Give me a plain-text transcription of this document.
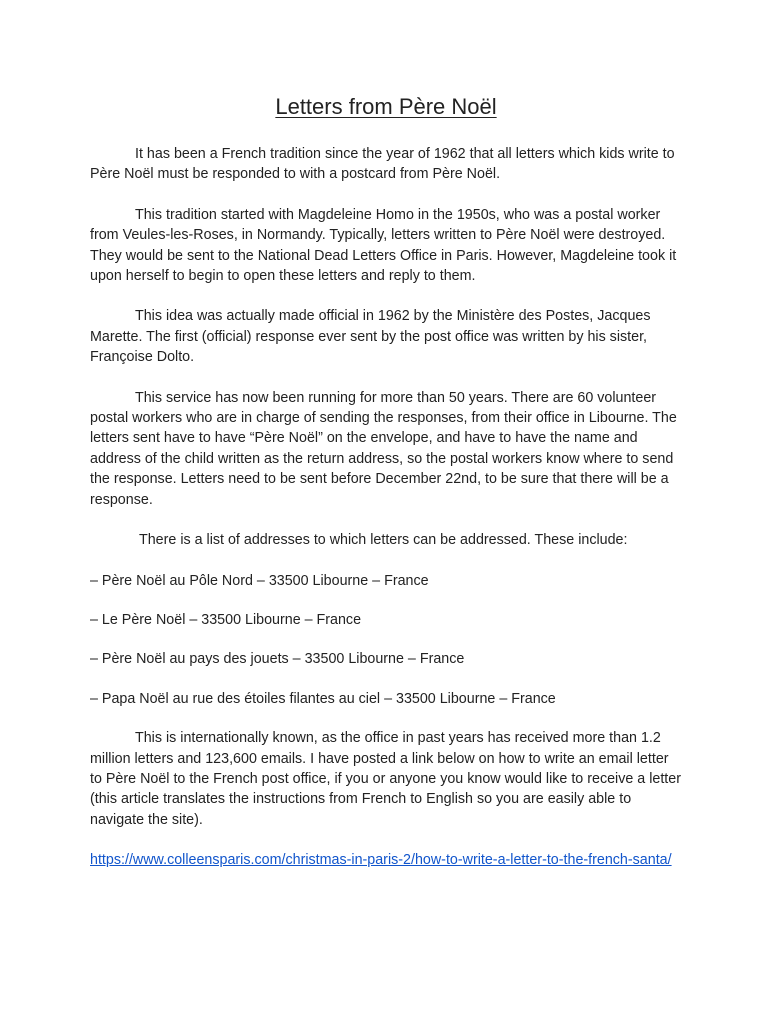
Letters from Père Noël

It has been a French tradition since the year of 1962 that all letters which kids write to Père Noël must be responded to with a postcard from Père Noël.

This tradition started with Magdeleine Homo in the 1950s, who was a postal worker from Veules-les-Roses, in Normandy. Typically, letters written to Père Noël were destroyed. They would be sent to the National Dead Letters Office in Paris. However, Magdeleine took it upon herself to begin to open these letters and reply to them.

This idea was actually made official in 1962 by the Ministère des Postes, Jacques Marette. The first (official) response ever sent by the post office was written by his sister, Françoise Dolto.

This service has now been running for more than 50 years. There are 60 volunteer postal workers who are in charge of sending the responses, from their office in Libourne. The letters sent have to have “Père Noël” on the envelope, and have to have the name and address of the child written as the return address, so the postal workers know where to send the response. Letters need to be sent before December 22nd, to be sure that there will be a response.

There is a list of addresses to which letters can be addressed. These include:

– Père Noël au Pôle Nord – 33500 Libourne – France

– Le Père Noël – 33500 Libourne – France

– Père Noël au pays des jouets – 33500 Libourne – France

– Papa Noël au rue des étoiles filantes au ciel – 33500 Libourne – France

This is internationally known, as the office in past years has received more than 1.2 million letters and 123,600 emails. I have posted a link below on how to write an email letter to Père Noël to the French post office, if you or anyone you know would like to receive a letter (this article translates the instructions from French to English so you are easily able to navigate the site).

https://www.colleensparis.com/christmas-in-paris-2/how-to-write-a-letter-to-the-french-santa/
